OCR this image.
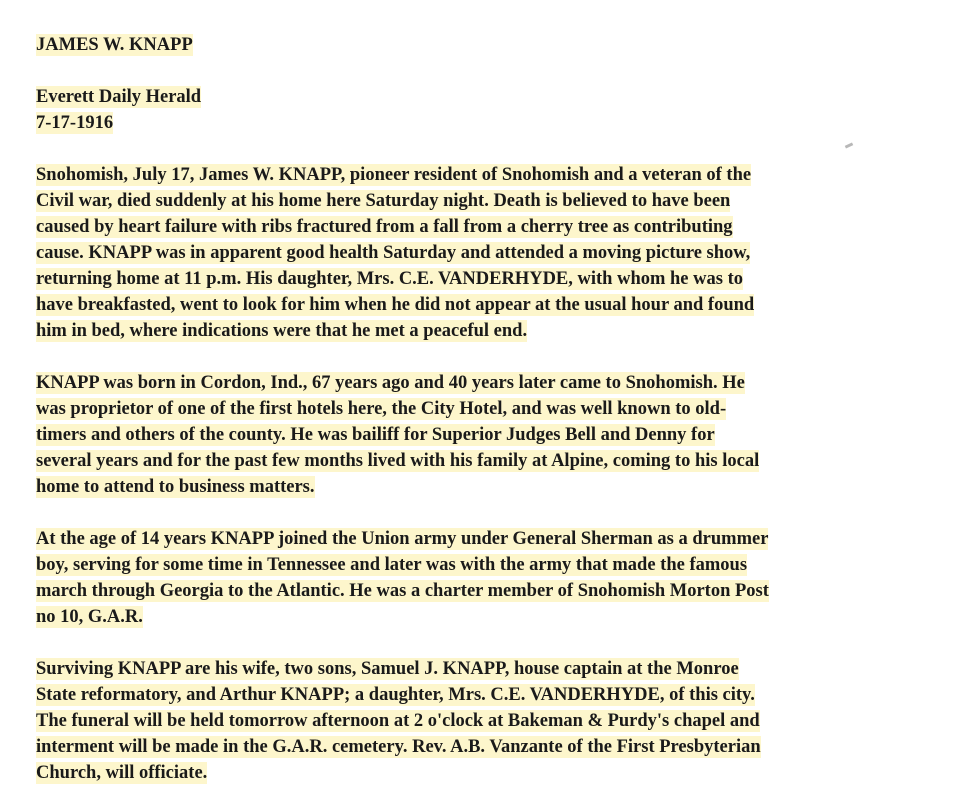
JAMES W. KNAPP
Everett Daily Herald
7-17-1916
Snohomish, July 17, James W. KNAPP, pioneer resident of Snohomish and a veteran of the
Civil war, died suddenly at his home here Saturday night. Death is believed to have been
caused by heart failure with ribs fractured from a fall from a cherry tree as contributing
cause. KNAPP was in apparent good health Saturday and attended a moving picture show,
returning home at 11 p.m. His daughter, Mrs. C.E. VANDERHYDE, with whom he was to
have breakfasted, went to look for him when he did not appear at the usual hour and found
him in bed, where indications were that he met a peaceful end.
KNAPP was born in Cordon, Ind., 67 years ago and 40 years later came to Snohomish. He
was proprietor of one of the first hotels here, the City Hotel, and was well known to old-
timers and others of the county. He was bailiff for Superior Judges Bell and Denny for
several years and for the past few months lived with his family at Alpine, coming to his local
home to attend to business matters.
At the age of 14 years KNAPP joined the Union army under General Sherman as a drummer
boy, serving for some time in Tennessee and later was with the army that made the famous
march through Georgia to the Atlantic. He was a charter member of Snohomish Morton Post
no 10, G.A.R.
Surviving KNAPP are his wife, two sons, Samuel J. KNAPP, house captain at the Monroe
State reformatory, and Arthur KNAPP; a daughter, Mrs. C.E. VANDERHYDE, of this city.
The funeral will be held tomorrow afternoon at 2 o'clock at Bakeman & Purdy's chapel and
interment will be made in the G.A.R. cemetery. Rev. A.B. Vanzante of the First Presbyterian
Church, will officiate.
